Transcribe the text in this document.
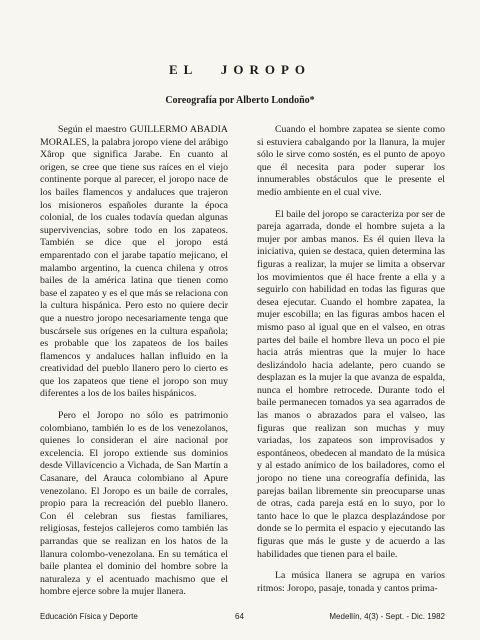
EL JOROPO
Coreografía por Alberto Londoño*

Según el maestro GUILLERMO ABADIA MORALES, la palabra joropo viene del arábigo Xârop que significa Jarabe. En cuanto al origen, se cree que tiene sus raíces en el viejo continente porque al parecer, el joropo nace de los bailes flamencos y andaluces que trajeron los misioneros españoles durante la época colonial, de los cuales todavía quedan algunas supervivencias, sobre todo en los zapateos. También se dice que el joropo está emparentado con el jarabe tapatío mejicano, el malambo argentino, la cuenca chilena y otros bailes de la américa latina que tienen como base el zapateo y es el que más se relaciona con la cultura hispánica. Pero esto no quiere decir que a nuestro joropo necesariamente tenga que buscársele sus orígenes en la cultura española; es probable que los zapateos de los bailes flamencos y andaluces hallan influido en la creatividad del pueblo llanero pero lo cierto es que los zapateos que tiene el joropo son muy diferentes a los de los bailes hispánicos.

Pero el Joropo no sólo es patrimonio colombiano, también lo es de los venezolanos, quienes lo consideran el aire nacional por excelencia. El joropo extiende sus dominios desde Villavicencio a Vichada, de San Martín a Casanare, del Arauca colombiano al Apure venezolano. El Joropo es un baile de corrales, propio para la recreación del pueblo llanero. Con él celebran sus fiestas familiares, religiosas, festejos callejeros como también las parrandas que se realizan en los hatos de la llanura colombo-venezolana. En su temática el baile plantea el dominio del hombre sobre la naturaleza y el acentuado machismo que el hombre ejerce sobre la mujer llanera.

Cuando el hombre zapatea se siente como si estuviera cabalgando por la llanura, la mujer sólo le sirve como sostén, es el punto de apoyo que él necesita para poder superar los innumerables obstáculos que le presente el medio ambiente en el cual vive.

El baile del joropo se caracteriza por ser de pareja agarrada, donde el hombre sujeta a la mujer por ambas manos. Es él quien lleva la iniciativa, quien se destaca, quien determina las figuras a realizar, la mujer se limita a observar los movimientos que él hace frente a ella y a seguirlo con habilidad en todas las figuras que desea ejecutar. Cuando el hombre zapatea, la mujer escobilla; en las figuras ambos hacen el mismo paso al igual que en el valseo, en otras partes del baile el hombre lleva un poco el pie hacia atrás mientras que la mujer lo hace deslizándolo hacia adelante, pero cuando se desplazan es la mujer la que avanza de espalda, nunca el hombre retrocede. Durante todo el baile permanecen tomados ya sea agarrados de las manos o abrazados para el valseo, las figuras que realizan son muchas y muy variadas, los zapateos son improvisados y espontáneos, obedecen al mandato de la música y al estado anímico de los bailadores, como el joropo no tiene una coreografía definida, las parejas bailan libremente sin preocuparse unas de otras, cada pareja está en lo suyo, por lo tanto hace lo que le plazca desplazándose por donde se lo permita el espacio y ejecutando las figuras que más le guste y de acuerdo a las habilidades que tienen para el baile.

La música llanera se agrupa en varios ritmos: Joropo, pasaje, tonada y cantos prima-

Educación Física y Deporte	64	Medellín, 4(3) - Sept. - Dic. 1982
